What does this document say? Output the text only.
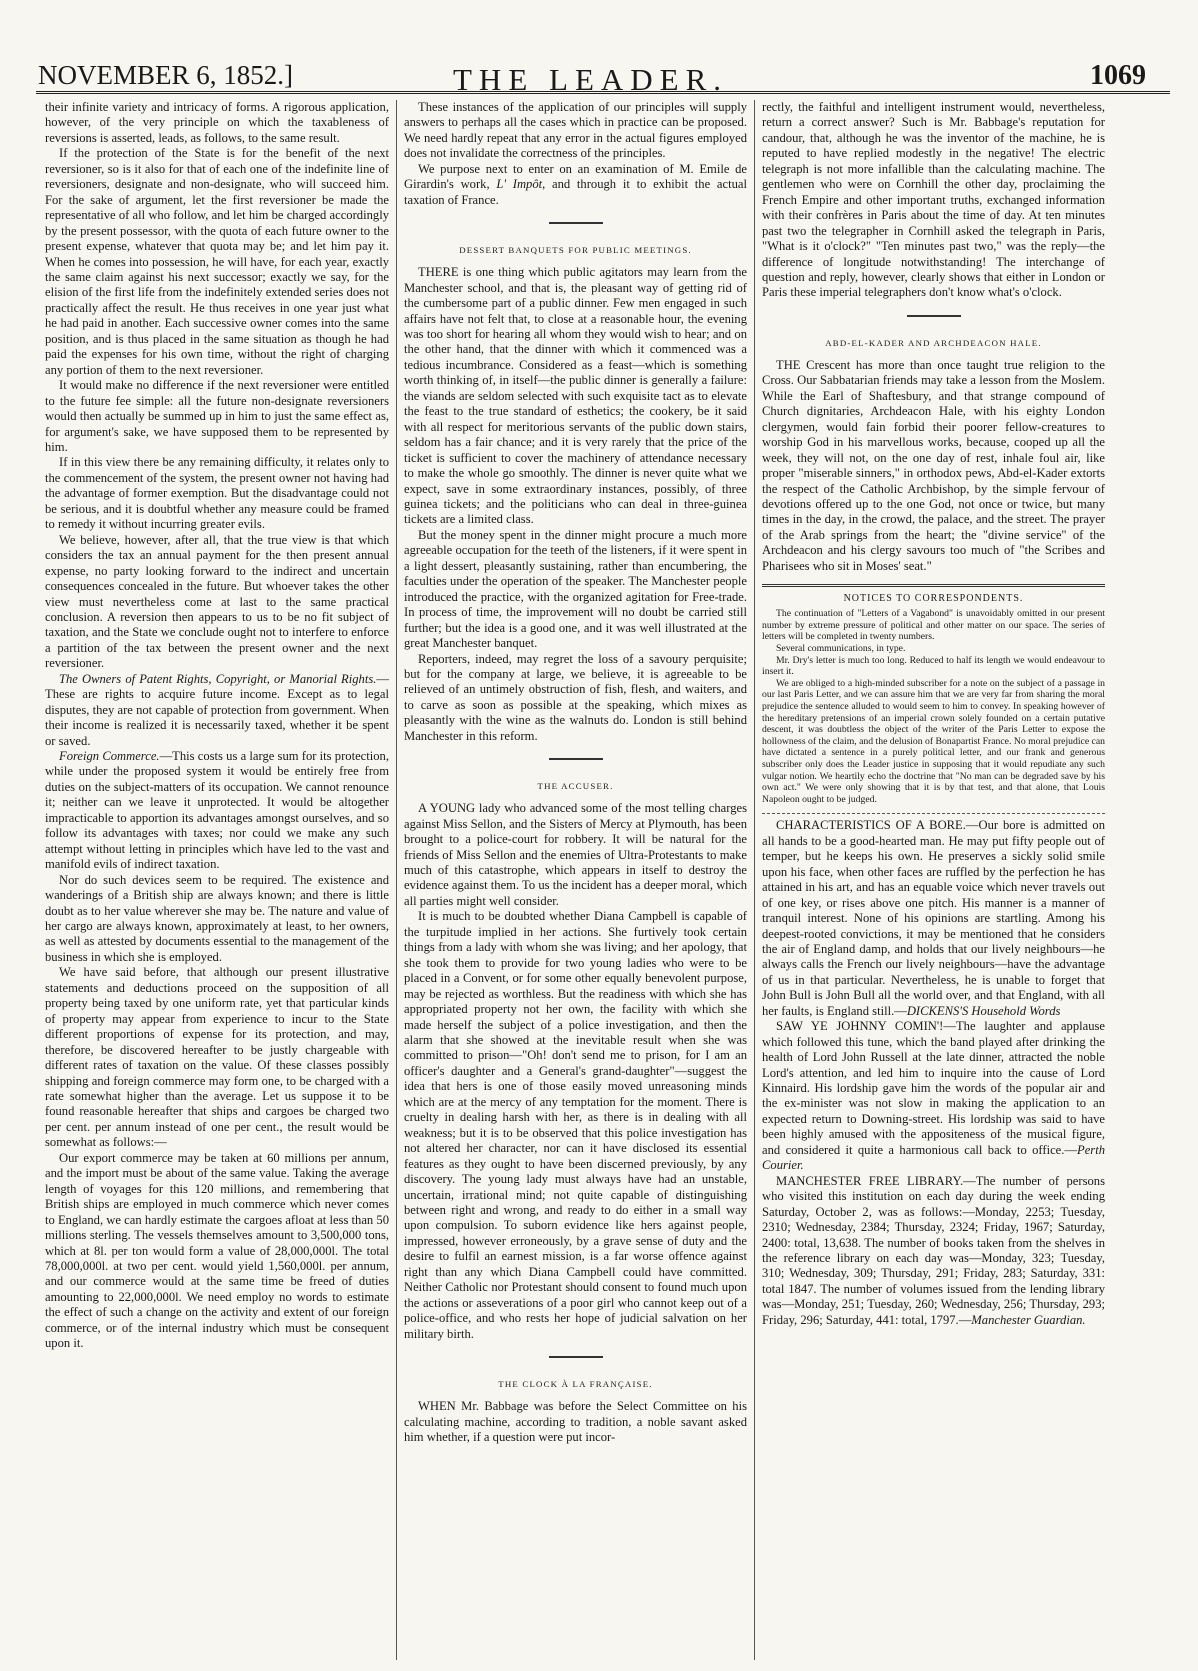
NOVEMBER 6, 1852.]	THE LEADER.	1069

their infinite variety and intricacy of forms. A rigorous application, however, of the very principle on which the taxableness of reversions is asserted, leads, as follows, to the same result.

If the protection of the State is for the benefit of the next reversioner, so is it also for that of each one of the indefinite line of reversioners, designate and non-designate, who will succeed him. For the sake of argument, let the first reversioner be made the representative of all who follow, and let him be charged accordingly by the present possessor, with the quota of each future owner to the present expense, whatever that quota may be; and let him pay it. When he comes into possession, he will have, for each year, exactly the same claim against his next successor; exactly we say, for the elision of the first life from the indefinitely extended series does not practically affect the result. He thus receives in one year just what he had paid in another. Each successive owner comes into the same position, and is thus placed in the same situation as though he had paid the expenses for his own time, without the right of charging any portion of them to the next reversioner.

It would make no difference if the next reversioner were entitled to the future fee simple: all the future non-designate reversioners would then actually be summed up in him to just the same effect as, for argument's sake, we have supposed them to be represented by him.

If in this view there be any remaining difficulty, it relates only to the commencement of the system, the present owner not having had the advantage of former exemption. But the disadvantage could not be serious, and it is doubtful whether any measure could be framed to remedy it without incurring greater evils.

We believe, however, after all, that the true view is that which considers the tax an annual payment for the then present annual expense, no party looking forward to the indirect and uncertain consequences concealed in the future. But whoever takes the other view must nevertheless come at last to the same practical conclusion. A reversion then appears to us to be no fit subject of taxation, and the State we conclude ought not to interfere to enforce a partition of the tax between the present owner and the next reversioner.

The Owners of Patent Rights, Copyright, or Manorial Rights.—These are rights to acquire future income. Except as to legal disputes, they are not capable of protection from government. When their income is realized it is necessarily taxed, whether it be spent or saved.

Foreign Commerce.—This costs us a large sum for its protection, while under the proposed system it would be entirely free from duties on the subject-matters of its occupation. We cannot renounce it; neither can we leave it unprotected. It would be altogether impracticable to apportion its advantages amongst ourselves, and so follow its advantages with taxes; nor could we make any such attempt without letting in principles which have led to the vast and manifold evils of indirect taxation.

Nor do such devices seem to be required. The existence and wanderings of a British ship are always known; and there is little doubt as to her value wherever she may be. The nature and value of her cargo are always known, approximately at least, to her owners, as well as attested by documents essential to the management of the business in which she is employed.

We have said before, that although our present illustrative statements and deductions proceed on the supposition of all property being taxed by one uniform rate, yet that particular kinds of property may appear from experience to incur to the State different proportions of expense for its protection, and may, therefore, be discovered hereafter to be justly chargeable with different rates of taxation on the value. Of these classes possibly shipping and foreign commerce may form one, to be charged with a rate somewhat higher than the average. Let us suppose it to be found reasonable hereafter that ships and cargoes be charged two per cent. per annum instead of one per cent., the result would be somewhat as follows:—

Our export commerce may be taken at 60 millions per annum, and the import must be about of the same value. Taking the average length of voyages for this 120 millions, and remembering that British ships are employed in much commerce which never comes to England, we can hardly estimate the cargoes afloat at less than 50 millions sterling. The vessels themselves amount to 3,500,000 tons, which at 8l. per ton would form a value of 28,000,000l. The total 78,000,000l. at two per cent. would yield 1,560,000l. per annum, and our commerce would at the same time be freed of duties amounting to 22,000,000l. We need employ no words to estimate the effect of such a change on the activity and extent of our foreign commerce, or of the internal industry which must be consequent upon it.

These instances of the application of our principles will supply answers to perhaps all the cases which in practice can be proposed. We need hardly repeat that any error in the actual figures employed does not invalidate the correctness of the principles.

We purpose next to enter on an examination of M. Emile de Girardin's work, L' Impôt, and through it to exhibit the actual taxation of France.

DESSERT BANQUETS FOR PUBLIC MEETINGS.

THERE is one thing which public agitators may learn from the Manchester school, and that is, the pleasant way of getting rid of the cumbersome part of a public dinner. Few men engaged in such affairs have not felt that, to close at a reasonable hour, the evening was too short for hearing all whom they would wish to hear; and on the other hand, that the dinner with which it commenced was a tedious incumbrance. Considered as a feast—which is something worth thinking of, in itself—the public dinner is generally a failure: the viands are seldom selected with such exquisite tact as to elevate the feast to the true standard of esthetics; the cookery, be it said with all respect for meritorious servants of the public down stairs, seldom has a fair chance; and it is very rarely that the price of the ticket is sufficient to cover the machinery of attendance necessary to make the whole go smoothly. The dinner is never quite what we expect, save in some extraordinary instances, possibly, of three guinea tickets; and the politicians who can deal in three-guinea tickets are a limited class.

But the money spent in the dinner might procure a much more agreeable occupation for the teeth of the listeners, if it were spent in a light dessert, pleasantly sustaining, rather than encumbering, the faculties under the operation of the speaker. The Manchester people introduced the practice, with the organized agitation for Free-trade. In process of time, the improvement will no doubt be carried still further; but the idea is a good one, and it was well illustrated at the great Manchester banquet.

Reporters, indeed, may regret the loss of a savoury perquisite; but for the company at large, we believe, it is agreeable to be relieved of an untimely obstruction of fish, flesh, and waiters, and to carve as soon as possible at the speaking, which mixes as pleasantly with the wine as the walnuts do. London is still behind Manchester in this reform.

THE ACCUSER.

A YOUNG lady who advanced some of the most telling charges against Miss Sellon, and the Sisters of Mercy at Plymouth, has been brought to a police-court for robbery. It will be natural for the friends of Miss Sellon and the enemies of Ultra-Protestants to make much of this catastrophe, which appears in itself to destroy the evidence against them. To us the incident has a deeper moral, which all parties might well consider.

It is much to be doubted whether Diana Campbell is capable of the turpitude implied in her actions. She furtively took certain things from a lady with whom she was living; and her apology, that she took them to provide for two young ladies who were to be placed in a Convent, or for some other equally benevolent purpose, may be rejected as worthless. But the readiness with which she has appropriated property not her own, the facility with which she made herself the subject of a police investigation, and then the alarm that she showed at the inevitable result when she was committed to prison—"Oh! don't send me to prison, for I am an officer's daughter and a General's grand-daughter"—suggest the idea that hers is one of those easily moved unreasoning minds which are at the mercy of any temptation for the moment. There is cruelty in dealing harsh with her, as there is in dealing with all weakness; but it is to be observed that this police investigation has not altered her character, nor can it have disclosed its essential features as they ought to have been discerned previously, by any discovery. The young lady must always have had an unstable, uncertain, irrational mind; not quite capable of distinguishing between right and wrong, and ready to do either in a small way upon compulsion. To suborn evidence like hers against people, impressed, however erroneously, by a grave sense of duty and the desire to fulfil an earnest mission, is a far worse offence against right than any which Diana Campbell could have committed. Neither Catholic nor Protestant should consent to found much upon the actions or asseverations of a poor girl who cannot keep out of a police-office, and who rests her hope of judicial salvation on her military birth.

THE CLOCK À LA FRANÇAISE.

WHEN Mr. Babbage was before the Select Committee on his calculating machine, according to tradition, a noble savant asked him whether, if a question were put incor-

rectly, the faithful and intelligent instrument would, nevertheless, return a correct answer? Such is Mr. Babbage's reputation for candour, that, although he was the inventor of the machine, he is reputed to have replied modestly in the negative! The electric telegraph is not more infallible than the calculating machine. The gentlemen who were on Cornhill the other day, proclaiming the French Empire and other important truths, exchanged information with their confrères in Paris about the time of day. At ten minutes past two the telegrapher in Cornhill asked the telegraph in Paris, "What is it o'clock?" "Ten minutes past two," was the reply—the difference of longitude notwithstanding! The interchange of question and reply, however, clearly shows that either in London or Paris these imperial telegraphers don't know what's o'clock.

ABD-EL-KADER AND ARCHDEACON HALE.

THE Crescent has more than once taught true religion to the Cross. Our Sabbatarian friends may take a lesson from the Moslem. While the Earl of Shaftesbury, and that strange compound of Church dignitaries, Archdeacon Hale, with his eighty London clergymen, would fain forbid their poorer fellow-creatures to worship God in his marvellous works, because, cooped up all the week, they will not, on the one day of rest, inhale foul air, like proper "miserable sinners," in orthodox pews, Abd-el-Kader extorts the respect of the Catholic Archbishop, by the simple fervour of devotions offered up to the one God, not once or twice, but many times in the day, in the crowd, the palace, and the street. The prayer of the Arab springs from the heart; the "divine service" of the Archdeacon and his clergy savours too much of "the Scribes and Pharisees who sit in Moses' seat."

NOTICES TO CORRESPONDENTS.

The continuation of "Letters of a Vagabond" is unavoidably omitted in our present number by extreme pressure of political and other matter on our space. The series of letters will be completed in twenty numbers.

Several communications, in type.

Mr. Dry's letter is much too long. Reduced to half its length we would endeavour to insert it.

We are obliged to a high-minded subscriber for a note on the subject of a passage in our last Paris Letter, and we can assure him that we are very far from sharing the moral prejudice the sentence alluded to would seem to him to convey. In speaking however of the hereditary pretensions of an imperial crown solely founded on a certain putative descent, it was doubtless the object of the writer of the Paris Letter to expose the hollowness of the claim, and the delusion of Bonapartist France. No moral prejudice can have dictated a sentence in a purely political letter, and our frank and generous subscriber only does the Leader justice in supposing that it would repudiate any such vulgar notion. We heartily echo the doctrine that "No man can be degraded save by his own act." We were only showing that it is by that test, and that alone, that Louis Napoleon ought to be judged.

CHARACTERISTICS OF A BORE.—Our bore is admitted on all hands to be a good-hearted man. He may put fifty people out of temper, but he keeps his own. He preserves a sickly solid smile upon his face, when other faces are ruffled by the perfection he has attained in his art, and has an equable voice which never travels out of one key, or rises above one pitch. His manner is a manner of tranquil interest. None of his opinions are startling. Among his deepest-rooted convictions, it may be mentioned that he considers the air of England damp, and holds that our lively neighbours—he always calls the French our lively neighbours—have the advantage of us in that particular. Nevertheless, he is unable to forget that John Bull is John Bull all the world over, and that England, with all her faults, is England still.—DICKENS'S Household Words

SAW YE JOHNNY COMIN'!—The laughter and applause which followed this tune, which the band played after drinking the health of Lord John Russell at the late dinner, attracted the noble Lord's attention, and led him to inquire into the cause of Lord Kinnaird. His lordship gave him the words of the popular air and the ex-minister was not slow in making the application to an expected return to Downing-street. His lordship was said to have been highly amused with the appositeness of the musical figure, and considered it quite a harmonious call back to office.—Perth Courier.

MANCHESTER FREE LIBRARY.—The number of persons who visited this institution on each day during the week ending Saturday, October 2, was as follows:—Monday, 2253; Tuesday, 2310; Wednesday, 2384; Thursday, 2324; Friday, 1967; Saturday, 2400: total, 13,638. The number of books taken from the shelves in the reference library on each day was—Monday, 323; Tuesday, 310; Wednesday, 309; Thursday, 291; Friday, 283; Saturday, 331: total 1847. The number of volumes issued from the lending library was—Monday, 251; Tuesday, 260; Wednesday, 256; Thursday, 293; Friday, 296; Saturday, 441: total, 1797.—Manchester Guardian.
